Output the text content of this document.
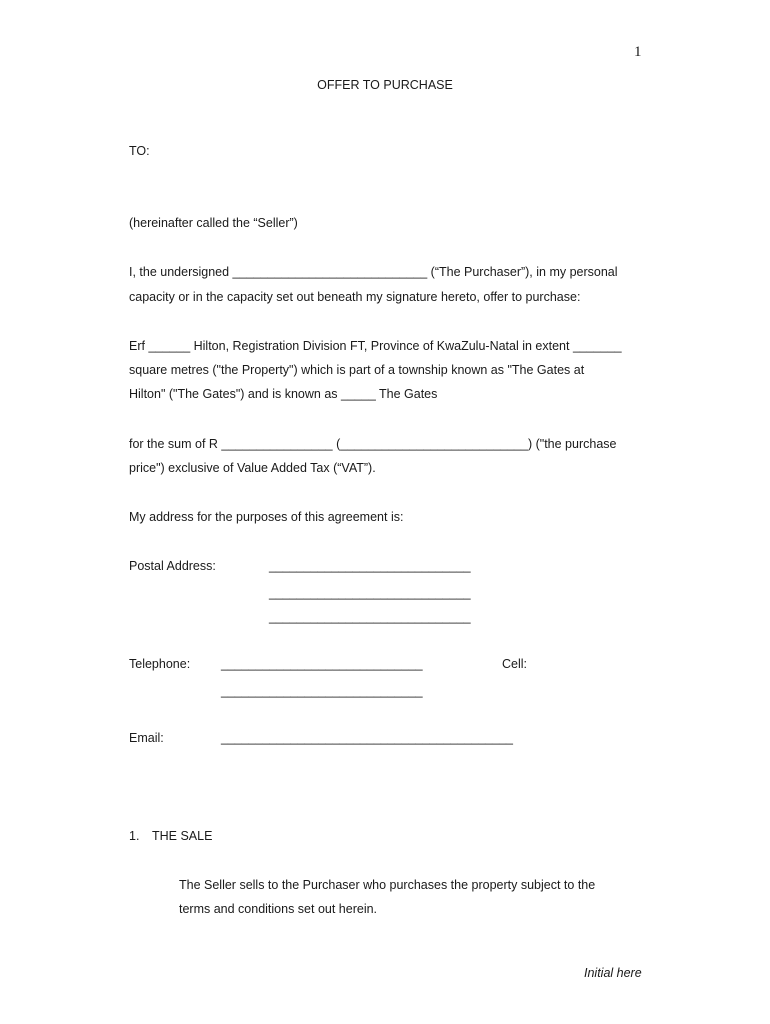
1
OFFER TO PURCHASE
TO:
(hereinafter called the “Seller”)
I, the undersigned ____________________________ (“The Purchaser”), in my personal
capacity or in the capacity set out beneath my signature hereto, offer to purchase:
Erf ______ Hilton, Registration Division FT, Province of KwaZulu-Natal in extent _______
square metres ("the Property") which is part of a township known as "The Gates at
Hilton" ("The Gates") and is known as _____ The Gates
for the sum of R ________________ (___________________________) ("the purchase
price") exclusive of Value Added Tax (“VAT”).
My address for the purposes of this agreement is:
Postal Address:	_____________________________
_____________________________
_____________________________
Telephone: _____________________________	Cell:
_____________________________
Email:	__________________________________________
1. THE SALE
The Seller sells to the Purchaser who purchases the property subject to the
terms and conditions set out herein.
Initial here
